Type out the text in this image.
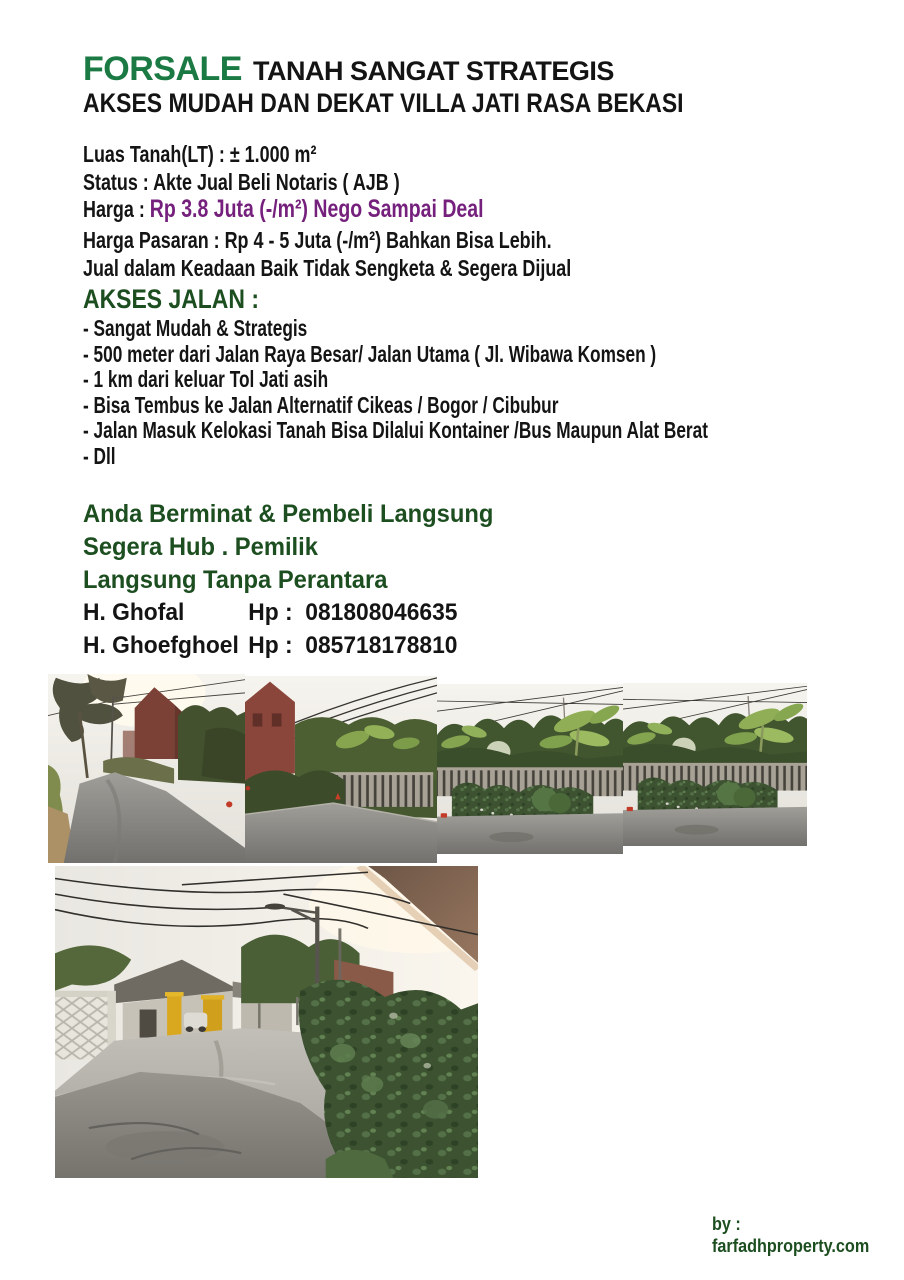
FORSALE TANAH SANGAT STRATEGIS
AKSES MUDAH DAN DEKAT VILLA JATI RASA BEKASI
Luas Tanah(LT) : ± 1.000 m²
Status : Akte Jual Beli Notaris ( AJB )
Harga : Rp 3.8 Juta (-/m²) Nego Sampai Deal
Harga Pasaran : Rp 4 - 5 Juta (-/m²) Bahkan Bisa Lebih.
Jual dalam Keadaan Baik Tidak Sengketa & Segera Dijual
AKSES JALAN :
- Sangat Mudah & Strategis
- 500 meter dari Jalan Raya Besar/ Jalan Utama ( Jl. Wibawa Komsen )
- 1 km dari keluar Tol Jati asih
- Bisa Tembus ke Jalan Alternatif Cikeas / Bogor / Cibubur
- Jalan Masuk Kelokasi Tanah Bisa Dilalui Kontainer /Bus Maupun Alat Berat
- Dll
Anda Berminat & Pembeli Langsung
Segera Hub . Pemilik
Langsung Tanpa Perantara
H. Ghofal	Hp :  081808046635
H. Ghoefghoel Hp :  085718178810
by :
farfadhproperty.com
